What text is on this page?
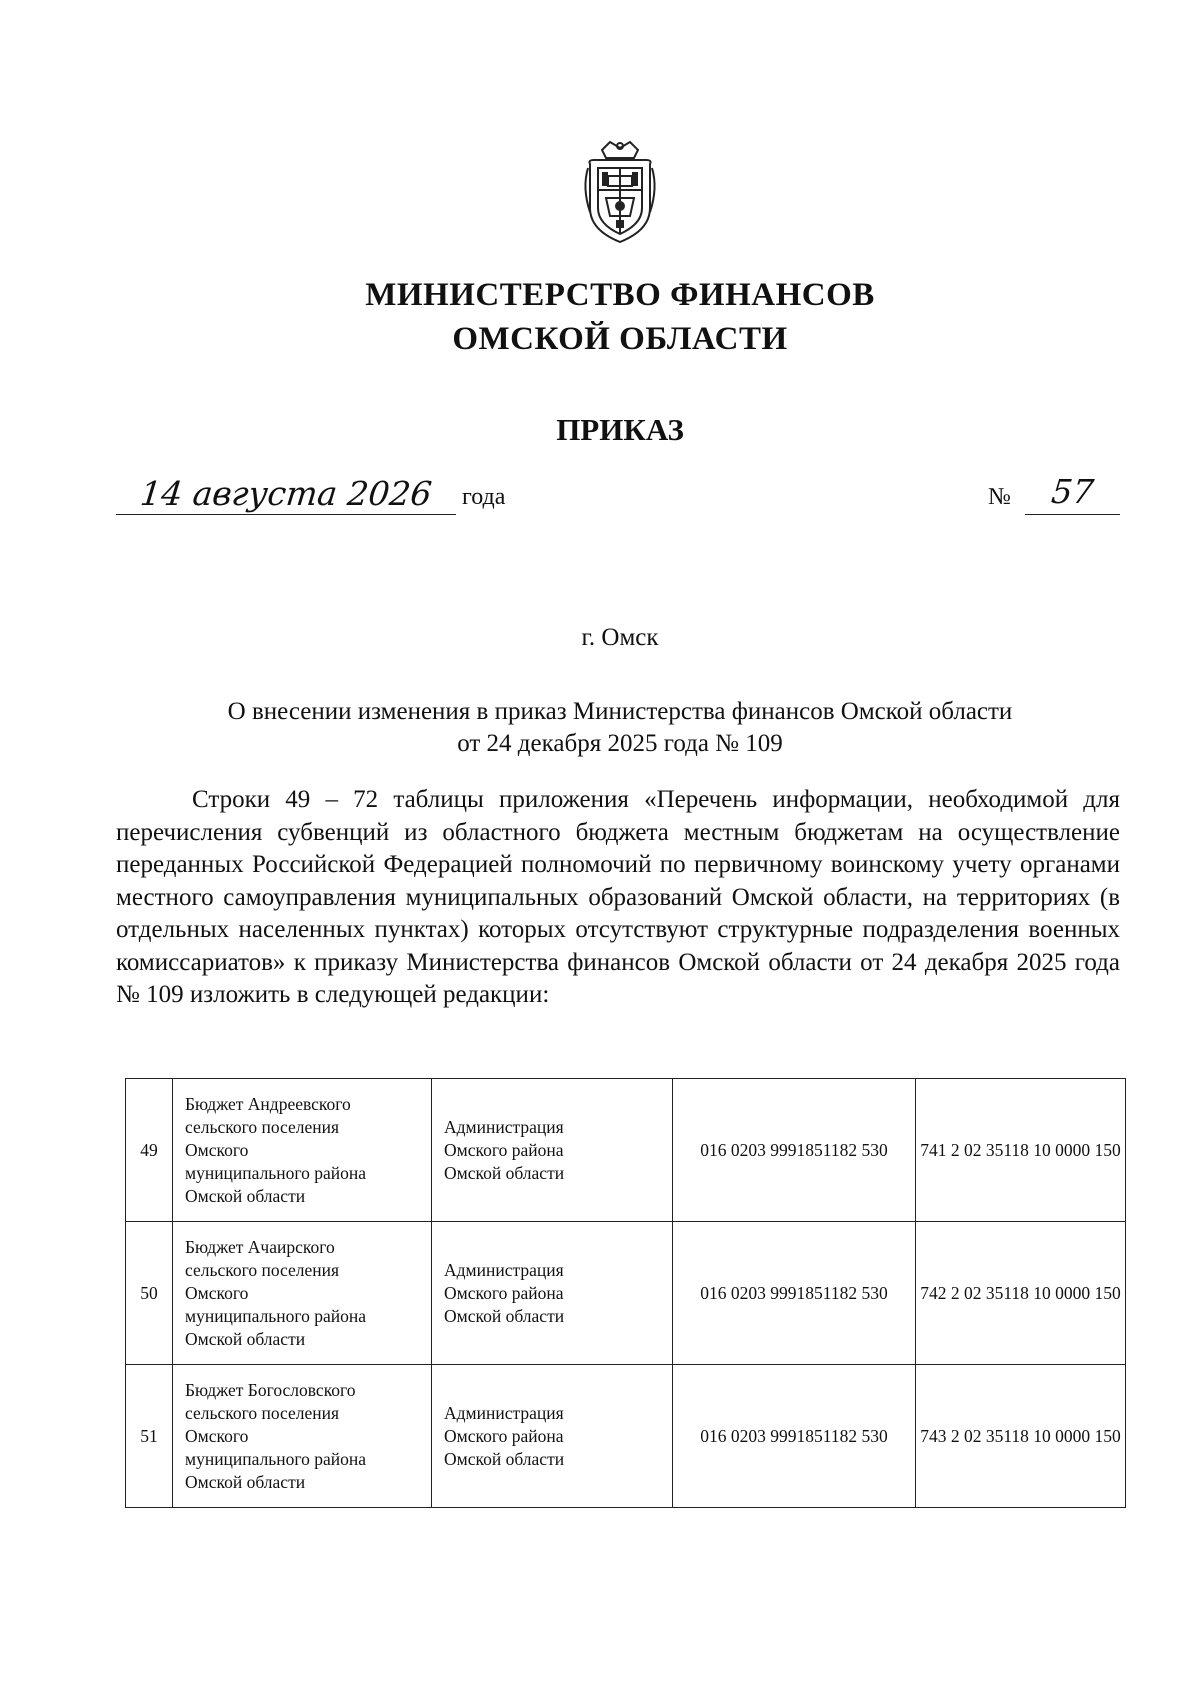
МИНИСТЕРСТВО ФИНАНСОВ
ОМСКОЙ ОБЛАСТИ
ПРИКАЗ
14 августа 2026	года	№	57
г. Омск
О внесении изменения в приказ Министерства финансов Омской области
от 24 декабря 2025 года № 109
Строки 49 – 72 таблицы приложения «Перечень информации, необходимой для перечисления субвенций из областного бюджета местным бюджетам на осуществление переданных Российской Федерацией полномочий по первичному воинскому учету органами местного самоуправления муниципальных образований Омской области, на территориях (в отдельных населенных пунктах) которых отсутствуют структурные подразделения военных комиссариатов» к приказу Министерства финансов Омской области от 24 декабря 2025 года № 109 изложить в следующей редакции:
49	Бюджет Андреевского
сельского поселения
Омского
муниципального района
Омской области	Администрация
Омского района
Омской области	016 0203 9991851182 530	741 2 02 35118 10 0000 150
50	Бюджет Ачаирского
сельского поселения
Омского
муниципального района
Омской области	Администрация
Омского района
Омской области	016 0203 9991851182 530	742 2 02 35118 10 0000 150
51	Бюджет Богословского
сельского поселения
Омского
муниципального района
Омской области	Администрация
Омского района
Омской области	016 0203 9991851182 530	743 2 02 35118 10 0000 150
